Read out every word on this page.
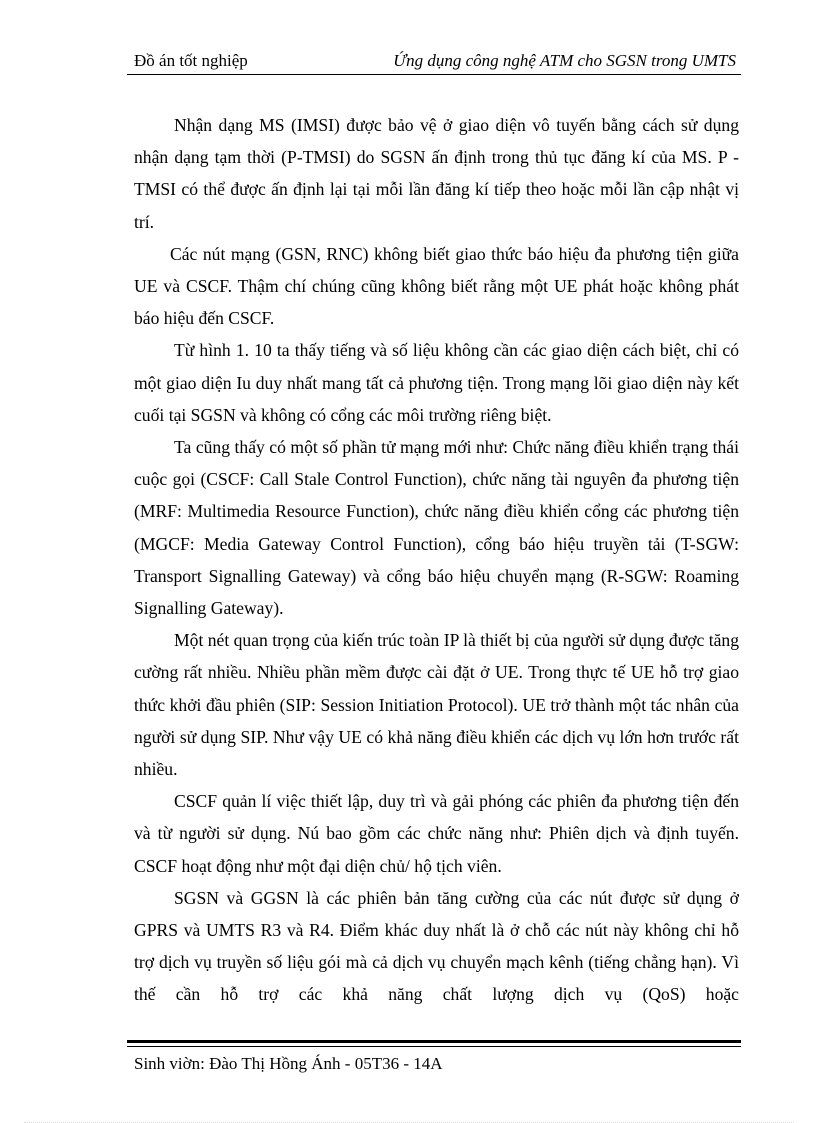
Đồ án tốt nghiệp	Ứng dụng công nghệ ATM cho SGSN trong UMTS

Nhận dạng MS (IMSI) được bảo vệ ở giao diện vô tuyến bằng cách sử dụng nhận dạng tạm thời (P-TMSI) do SGSN ấn định trong thủ tục đăng kí của MS. P - TMSI có thể được ấn định lại tại mỗi lần đăng kí tiếp theo hoặc mỗi lần cập nhật vị trí.

Các nút mạng (GSN, RNC) không biết giao thức báo hiệu đa phương tiện giữa UE và CSCF. Thậm chí chúng cũng không biết rằng một UE phát hoặc không phát báo hiệu đến CSCF.

Từ hình 1. 10 ta thấy tiếng và số liệu không cần các giao diện cách biệt, chỉ có một giao diện Iu duy nhất mang tất cả phương tiện. Trong mạng lõi giao diện này kết cuối tại SGSN và không có cổng các môi trường riêng biệt.

Ta cũng thấy có một số phần tử mạng mới như: Chức năng điều khiển trạng thái cuộc gọi (CSCF: Call Stale Control Function), chức năng tài nguyên đa phương tiện (MRF: Multimedia Resource Function), chức năng điều khiển cổng các phương tiện (MGCF: Media Gateway Control Function), cổng báo hiệu truyền tải (T-SGW: Transport Signalling Gateway) và cổng báo hiệu chuyển mạng (R-SGW: Roaming Signalling Gateway).

Một nét quan trọng của kiến trúc toàn IP là thiết bị của người sử dụng được tăng cường rất nhiều. Nhiều phần mềm được cài đặt ở UE. Trong thực tế UE hỗ trợ giao thức khởi đầu phiên (SIP: Session Initiation Protocol). UE trở thành một tác nhân của người sử dụng SIP. Như vậy UE có khả năng điều khiển các dịch vụ lớn hơn trước rất nhiều.

CSCF quản lí việc thiết lập, duy trì và gải phóng các phiên đa phương tiện đến và từ người sử dụng. Nú bao gồm các chức năng như: Phiên dịch và định tuyến. CSCF hoạt động như một đại diện chủ/ hộ tịch viên.

SGSN và GGSN là các phiên bản tăng cường của các nút được sử dụng ở GPRS và UMTS R3 và R4. Điểm khác duy nhất là ở chỗ các nút này không chỉ hỗ trợ dịch vụ truyền số liệu gói mà cả dịch vụ chuyển mạch kênh (tiếng chẳng hạn). Vì thế cần hỗ trợ các khả năng chất lượng dịch vụ (QoS) hoặc

Sinh viờn: Đào Thị Hồng Ánh - 05T36 - 14A
